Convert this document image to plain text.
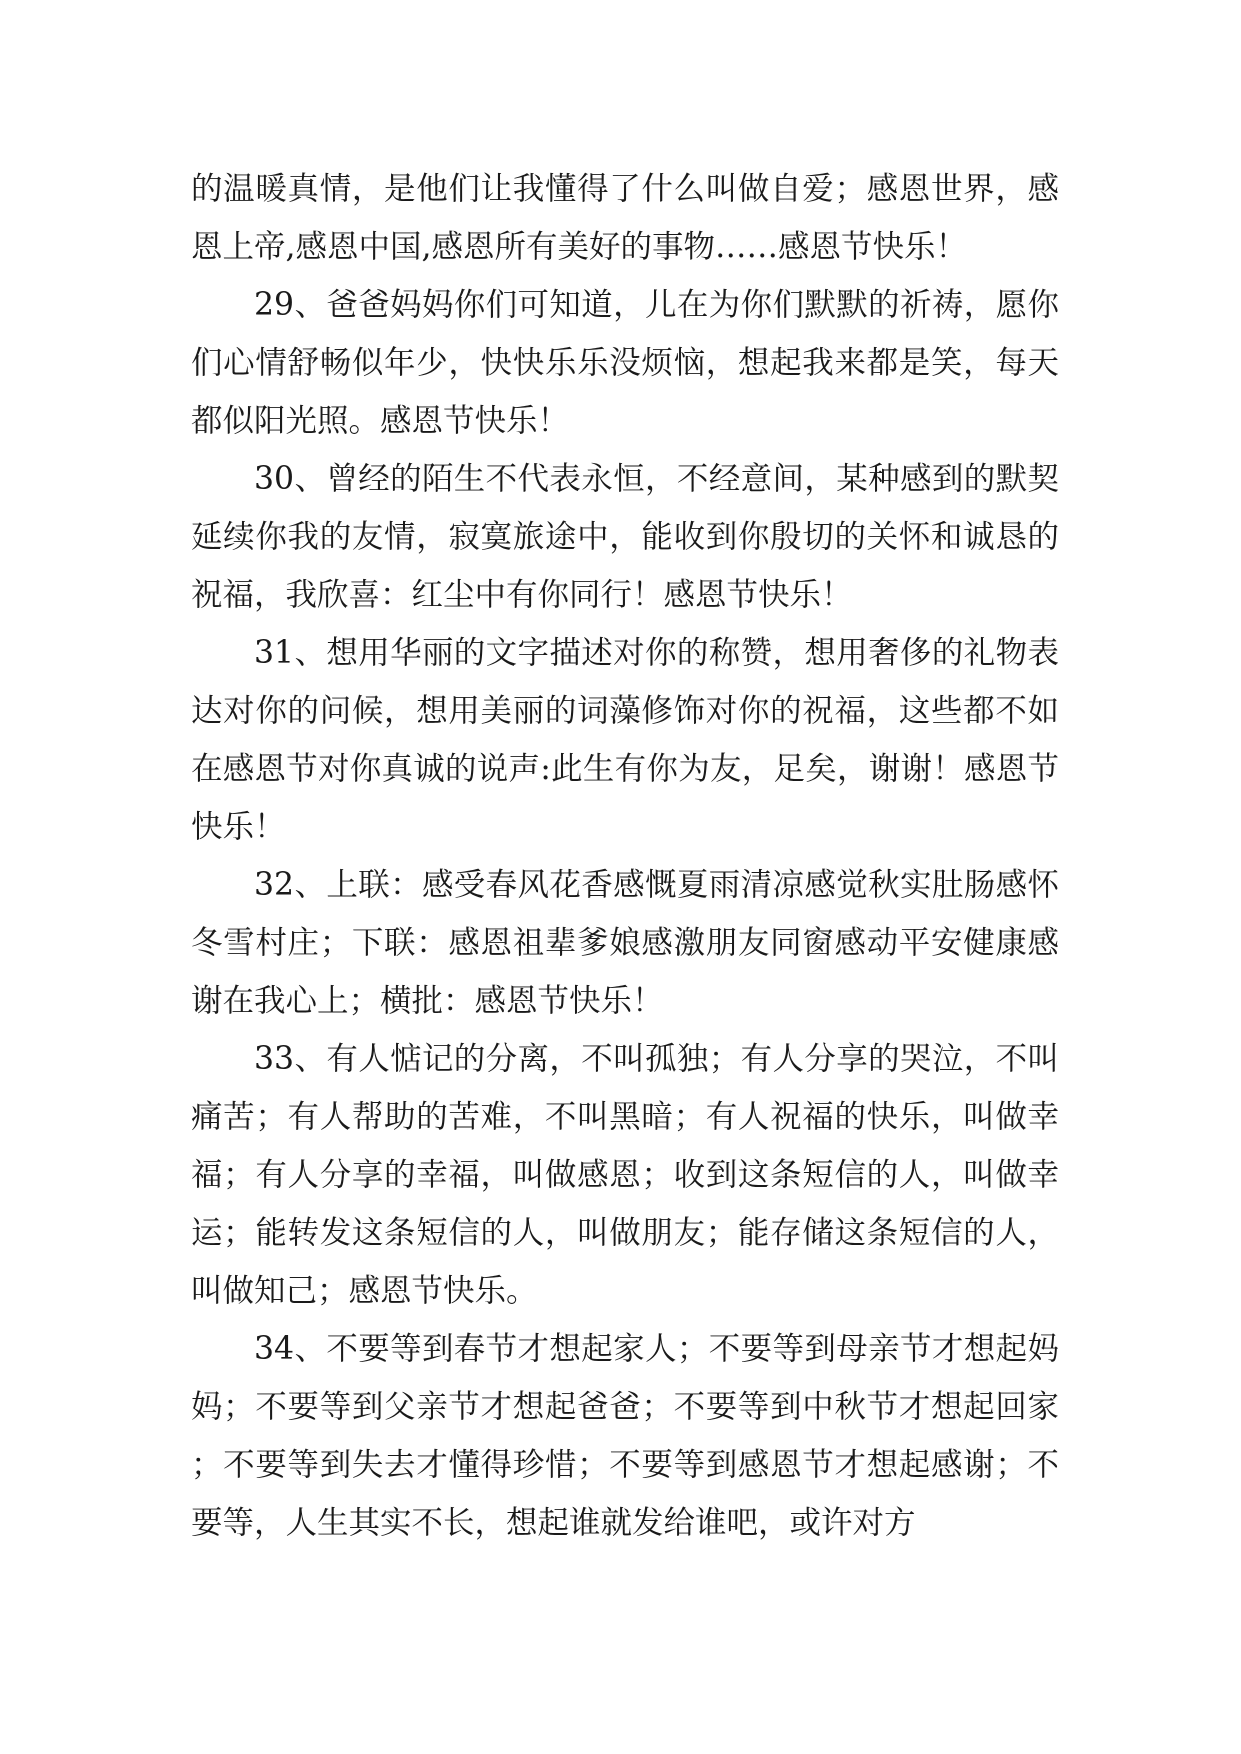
的温暖真情，是他们让我懂得了什么叫做自爱；感恩世界，感恩上帝,感恩中国,感恩所有美好的事物……感恩节快乐！

29、爸爸妈妈你们可知道，儿在为你们默默的祈祷，愿你们心情舒畅似年少，快快乐乐没烦恼，想起我来都是笑，每天都似阳光照。感恩节快乐！

30、曾经的陌生不代表永恒，不经意间，某种感到的默契延续你我的友情，寂寞旅途中，能收到你殷切的关怀和诚恳的祝福，我欣喜：红尘中有你同行！感恩节快乐！

31、想用华丽的文字描述对你的称赞，想用奢侈的礼物表达对你的问候，想用美丽的词藻修饰对你的祝福，这些都不如在感恩节对你真诚的说声:此生有你为友，足矣，谢谢！感恩节快乐！

32、上联：感受春风花香感慨夏雨清凉感觉秋实肚肠感怀冬雪村庄；下联：感恩祖辈爹娘感激朋友同窗感动平安健康感谢在我心上；横批：感恩节快乐！

33、有人惦记的分离，不叫孤独；有人分享的哭泣，不叫痛苦；有人帮助的苦难，不叫黑暗；有人祝福的快乐，叫做幸福；有人分享的幸福，叫做感恩；收到这条短信的人，叫做幸运；能转发这条短信的人，叫做朋友；能存储这条短信的人，叫做知己；感恩节快乐。

34、不要等到春节才想起家人；不要等到母亲节才想起妈妈；不要等到父亲节才想起爸爸；不要等到中秋节才想起回家；不要等到失去才懂得珍惜；不要等到感恩节才想起感谢；不要等，人生其实不长，想起谁就发给谁吧，或许对方
